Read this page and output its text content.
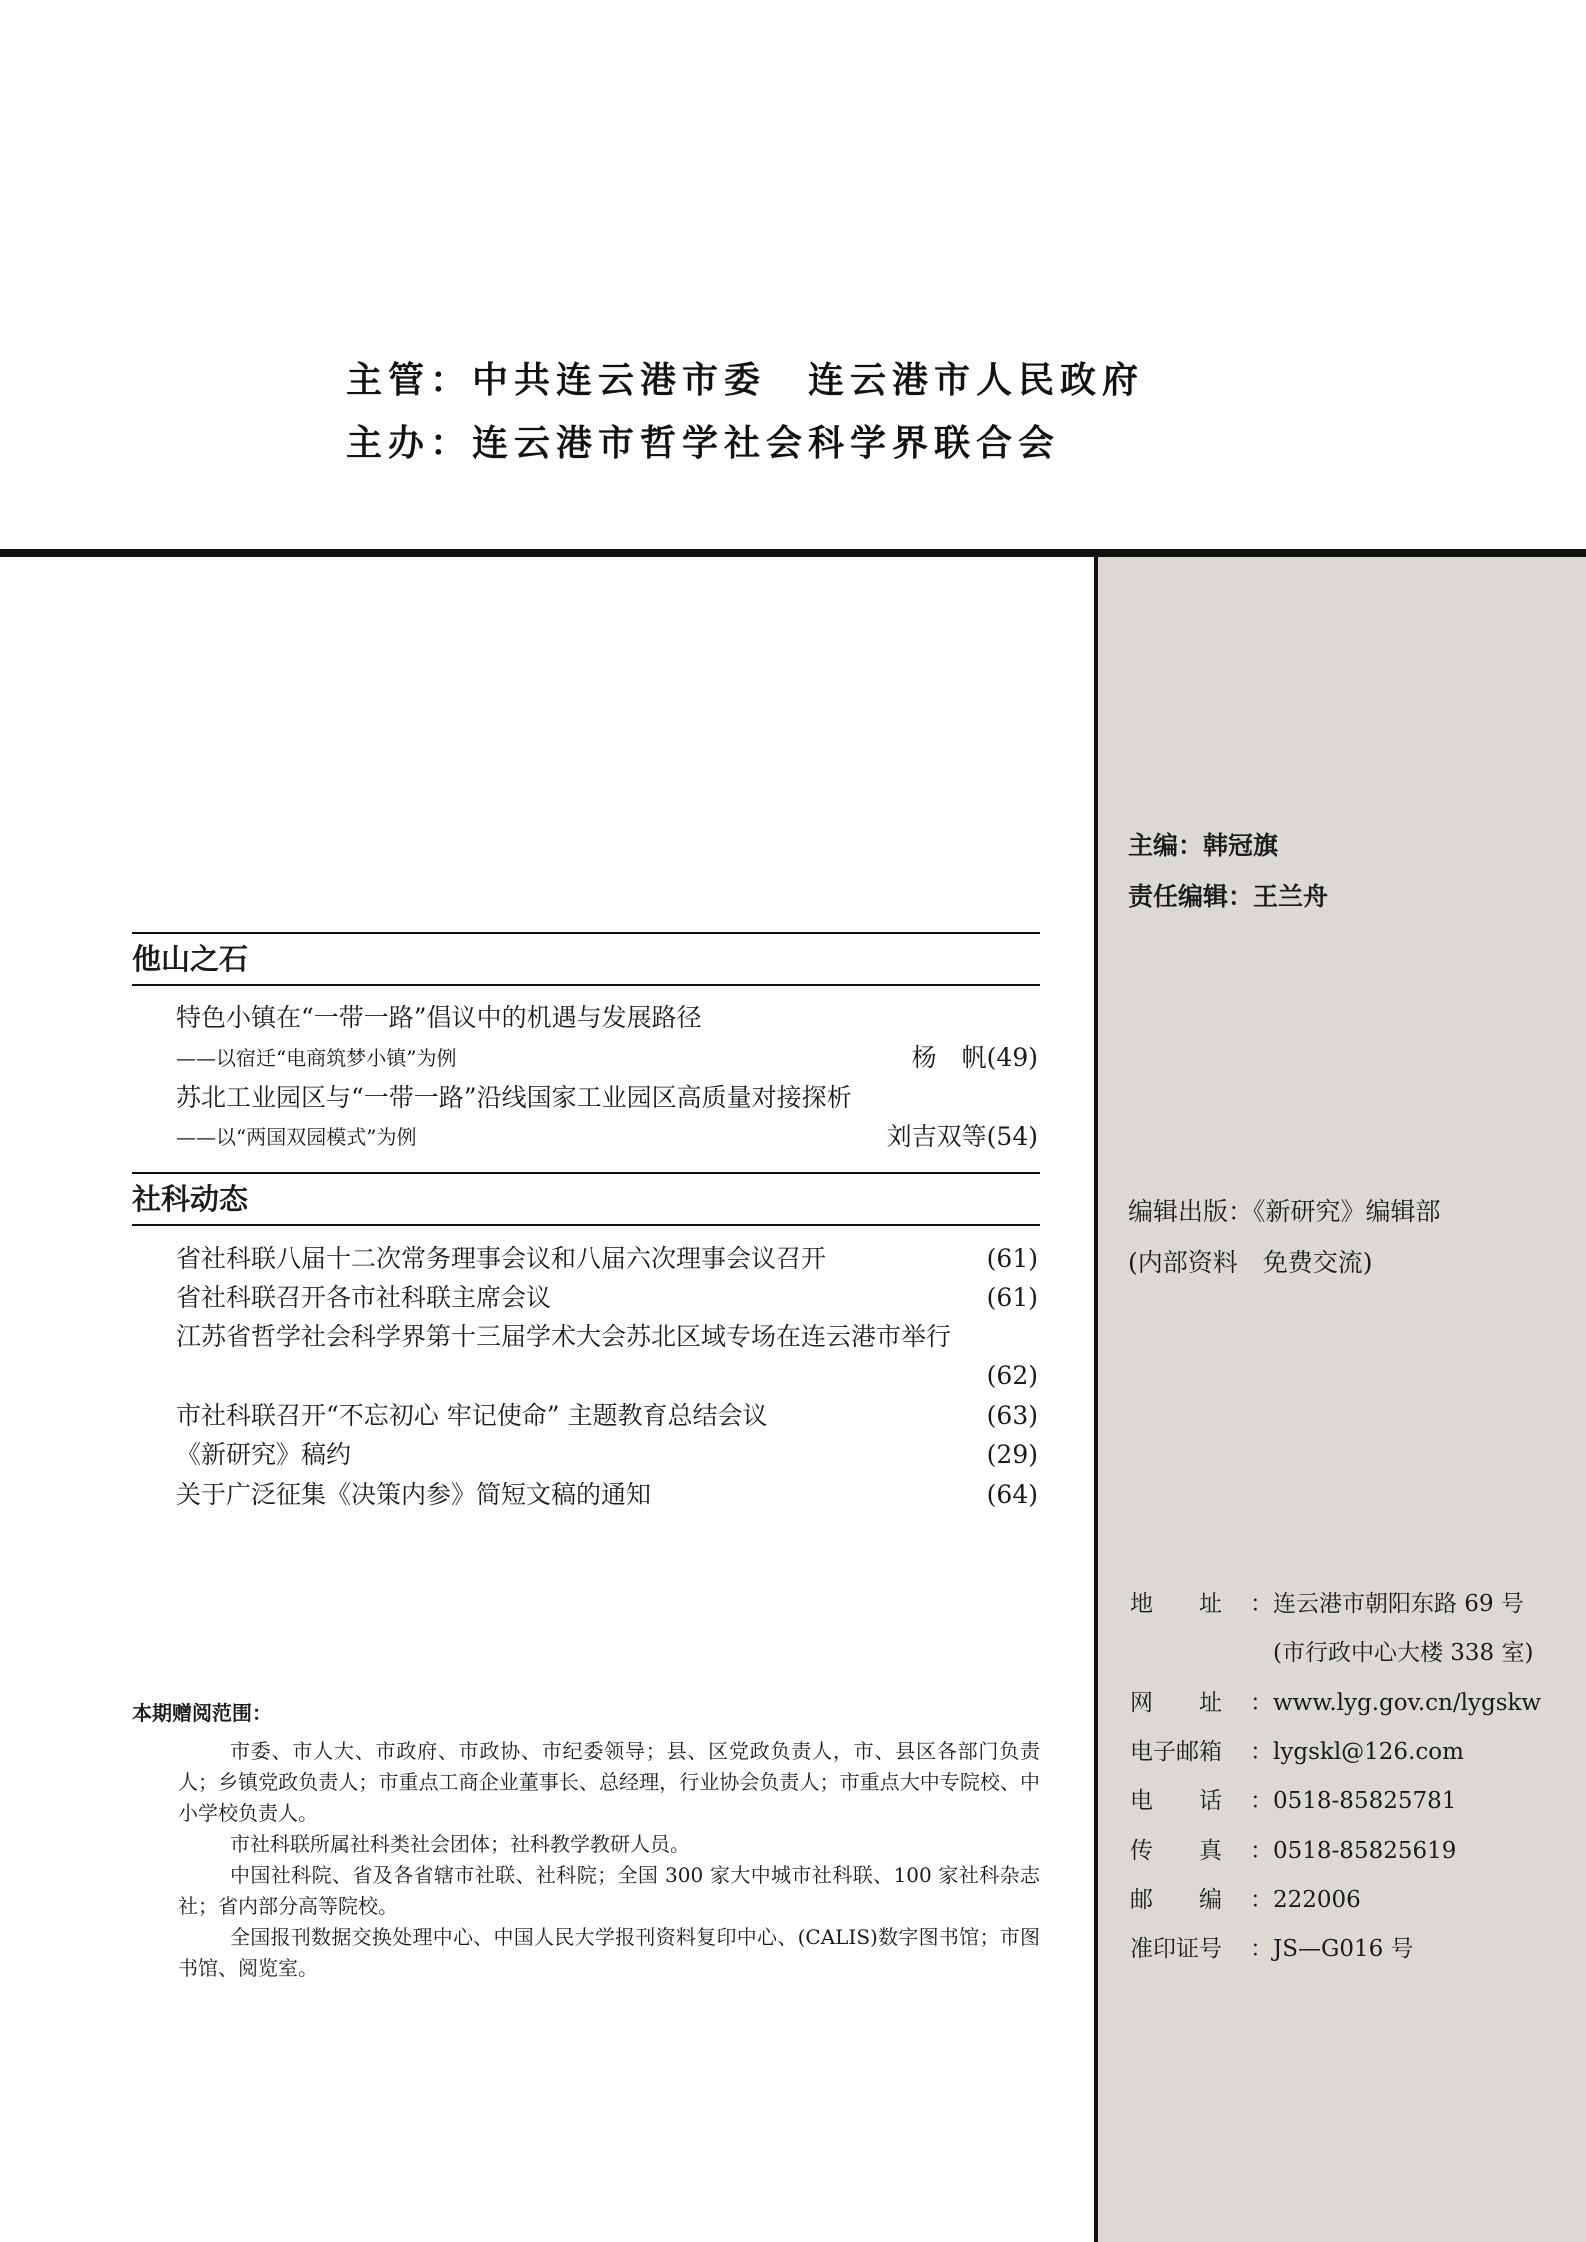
主管：中共连云港市委　连云港市人民政府
主办：连云港市哲学社会科学界联合会
主编：韩冠旗
责任编辑：王兰舟
编辑出版：《新研究》编辑部
(内部资料　免费交流)
地　　址 ：连云港市朝阳东路 69 号
　(市行政中心大楼 338 室)
网　　址 ：www.lyg.gov.cn/lygskw
电子邮箱 ：lygskl@126.com
电　　话 ：0518-85825781
传　　真 ：0518-85825619
邮　　编 ：222006
准印证号 ：JS—G016 号
他山之石
特色小镇在“一带一路”倡议中的机遇与发展路径
——以宿迁“电商筑梦小镇”为例	杨　帆(49)
苏北工业园区与“一带一路”沿线国家工业园区高质量对接探析
——以“两国双园模式”为例	刘吉双等(54)
社科动态
省社科联八届十二次常务理事会议和八届六次理事会议召开	(61)
省社科联召开各市社科联主席会议	(61)
江苏省哲学社会科学界第十三届学术大会苏北区域专场在连云港市举行
(62)
市社科联召开“不忘初心 牢记使命” 主题教育总结会议	(63)
《新研究》稿约	(29)
关于广泛征集《决策内参》简短文稿的通知	(64)
本期赠阅范围：

市委、市人大、市政府、市政协、市纪委领导；县、区党政负责人，市、县区各部门负责人；乡镇党政负责人；市重点工商企业董事长、总经理，行业协会负责人；市重点大中专院校、中小学校负责人。

市社科联所属社科类社会团体；社科教学教研人员。

中国社科院、省及各省辖市社联、社科院；全国 300 家大中城市社科联、100 家社科杂志社；省内部分高等院校。

全国报刊数据交换处理中心、中国人民大学报刊资料复印中心、(CALIS)数字图书馆；市图书馆、阅览室。
